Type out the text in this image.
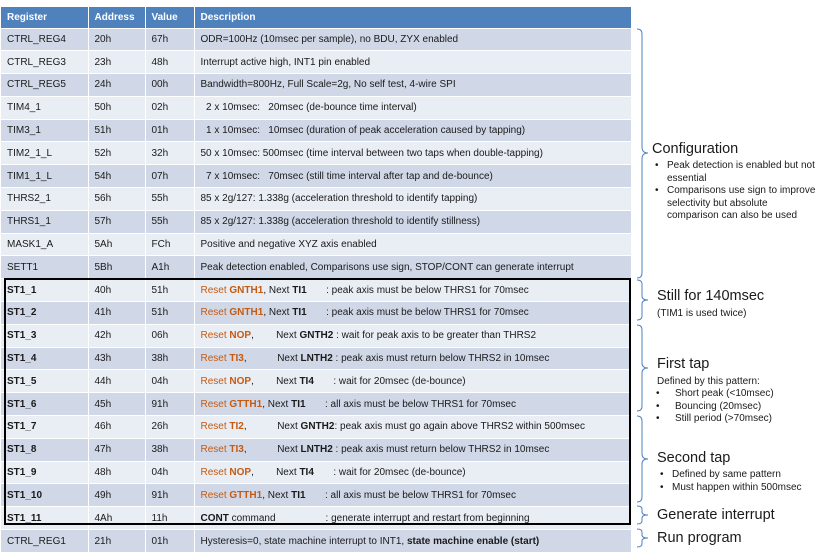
Register	Address	Value	Description
CTRL_REG4	20h	67h	ODR=100Hz (10msec per sample), no BDU, ZYX enabled
CTRL_REG3	23h	48h	Interrupt active high, INT1 pin enabled
CTRL_REG5	24h	00h	Bandwidth=800Hz, Full Scale=2g, No self test, 4-wire SPI
TIM4_1	50h	02h	2 x 10msec:   20msec (de-bounce time interval)
TIM3_1	51h	01h	1 x 10msec:   10msec (duration of peak acceleration caused by tapping)
TIM2_1_L	52h	32h	50 x 10msec: 500msec (time interval between two taps when double-tapping)
TIM1_1_L	54h	07h	7 x 10msec:   70msec (still time interval after tap and de-bounce)
THRS2_1	56h	55h	85 x 2g/127: 1.338g (acceleration threshold to identify tapping)
THRS1_1	57h	55h	85 x 2g/127: 1.338g (acceleration threshold to identify stillness)
MASK1_A	5Ah	FCh	Positive and negative XYZ axis enabled
SETT1	5Bh	A1h	Peak detection enabled, Comparisons use sign, STOP/CONT can generate interrupt
ST1_1	40h	51h	Reset GNTH1, Next TI1       : peak axis must be below THRS1 for 70msec
ST1_2	41h	51h	Reset GNTH1, Next TI1       : peak axis must be below THRS1 for 70msec
ST1_3	42h	06h	Reset NOP,        Next GNTH2 : wait for peak axis to be greater than THRS2
ST1_4	43h	38h	Reset TI3,           Next LNTH2 : peak axis must return below THRS2 in 10msec
ST1_5	44h	04h	Reset NOP,        Next TI4       : wait for 20msec (de-bounce)
ST1_6	45h	91h	Reset GTTH1, Next TI1       : all axis must be below THRS1 for 70msec
ST1_7	46h	26h	Reset TI2,           Next GNTH2: peak axis must go again above THRS2 within 500msec
ST1_8	47h	38h	Reset TI3,           Next LNTH2 : peak axis must return below THRS2 in 10msec
ST1_9	48h	04h	Reset NOP,        Next TI4       : wait for 20msec (de-bounce)
ST1_10	49h	91h	Reset GTTH1, Next TI1       : all axis must be below THRS1 for 70msec
ST1_11	4Ah	11h	CONT command                  : generate interrupt and restart from beginning
CTRL_REG1	21h	01h	Hysteresis=0, state machine interrupt to INT1, state machine enable (start)
Configuration
• Peak detection is enabled but not essential
• Comparisons use sign to improve selectivity but absolute comparison can also be used
Still for 140msec
(TIM1 is used twice)
First tap
Defined by this pattern:
• Short peak (<10msec)
• Bouncing (20msec)
• Still period (>70msec)
Second tap
• Defined by same pattern
• Must happen within 500msec
Generate interrupt
Run program
